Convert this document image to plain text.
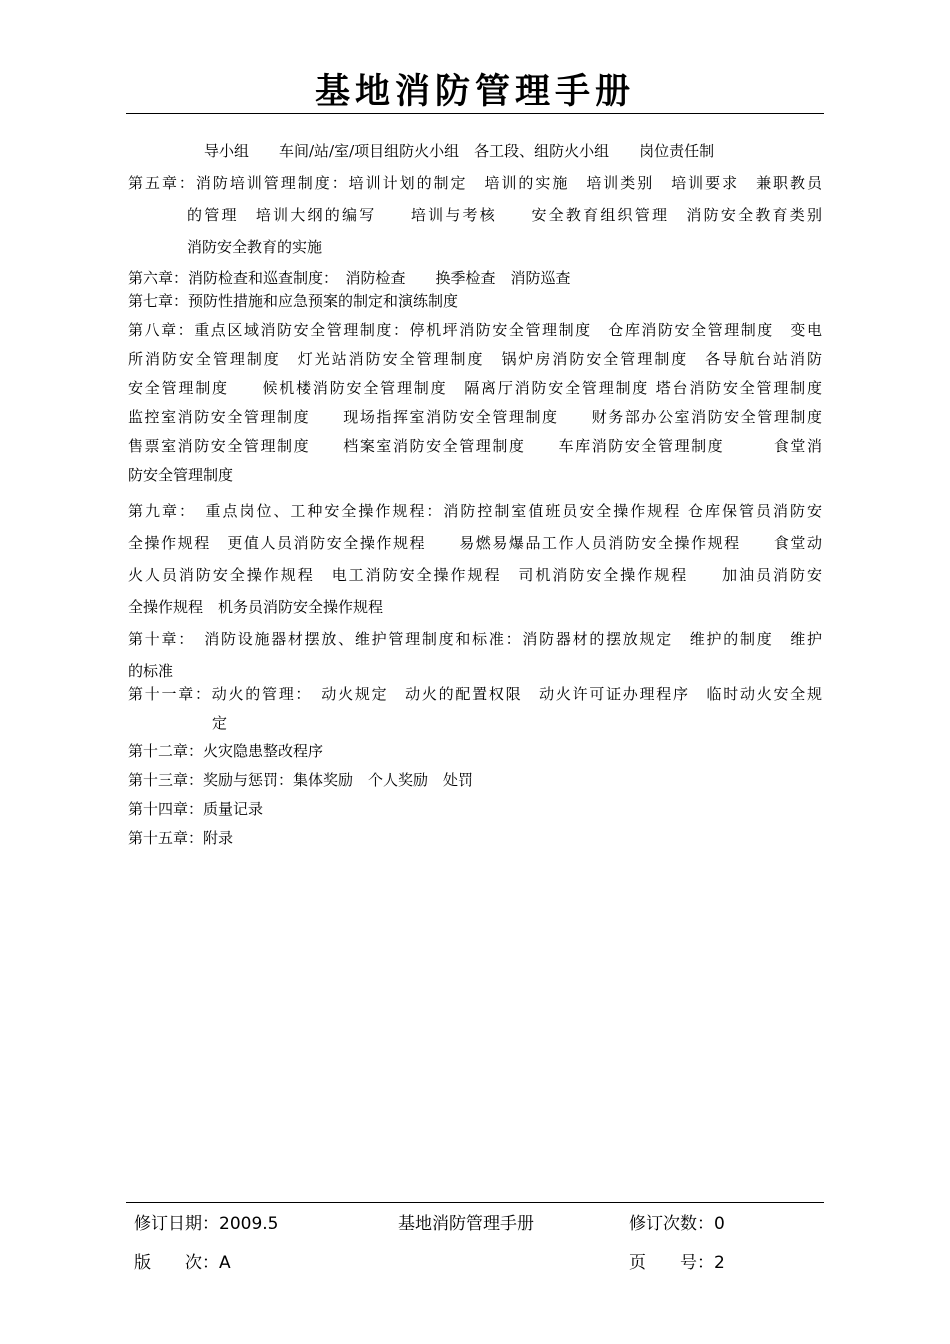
基地消防管理手册
导小组　　车间/站/室/项目组防火小组　各工段、组防火小组　　岗位责任制
第五章：消防培训管理制度：培训计划的制定　培训的实施　培训类别　培训要求　兼职教员
的管理　培训大纲的编写　　培训与考核　　安全教育组织管理　消防安全教育类别
消防安全教育的实施
第六章：消防检查和巡查制度：　消防检查　　换季检查　消防巡查
第七章：预防性措施和应急预案的制定和演练制度
第八章：重点区域消防安全管理制度：停机坪消防安全管理制度　仓库消防安全管理制度　变电
所消防安全管理制度　灯光站消防安全管理制度　锅炉房消防安全管理制度　各导航台站消防
安全管理制度　　候机楼消防安全管理制度　隔离厅消防安全管理制度 塔台消防安全管理制度
监控室消防安全管理制度　　现场指挥室消防安全管理制度　　财务部办公室消防安全管理制度
售票室消防安全管理制度　　档案室消防安全管理制度　　车库消防安全管理制度　　　食堂消
防安全管理制度
第九章：　重点岗位、工种安全操作规程：消防控制室值班员安全操作规程 仓库保管员消防安
全操作规程　更值人员消防安全操作规程　　易燃易爆品工作人员消防安全操作规程　　食堂动
火人员消防安全操作规程　电工消防安全操作规程　司机消防安全操作规程　　加油员消防安
全操作规程　机务员消防安全操作规程
第十章：　消防设施器材摆放、维护管理制度和标准：消防器材的摆放规定　维护的制度　维护
的标准
第十一章：动火的管理：　动火规定　动火的配置权限　动火许可证办理程序　临时动火安全规
定
第十二章：火灾隐患整改程序
第十三章：奖励与惩罚：集体奖励　个人奖励　处罚
第十四章：质量记录
第十五章：附录
修订日期：2009.5	基地消防管理手册	修订次数：0
版　　次：A	页　　号：2
